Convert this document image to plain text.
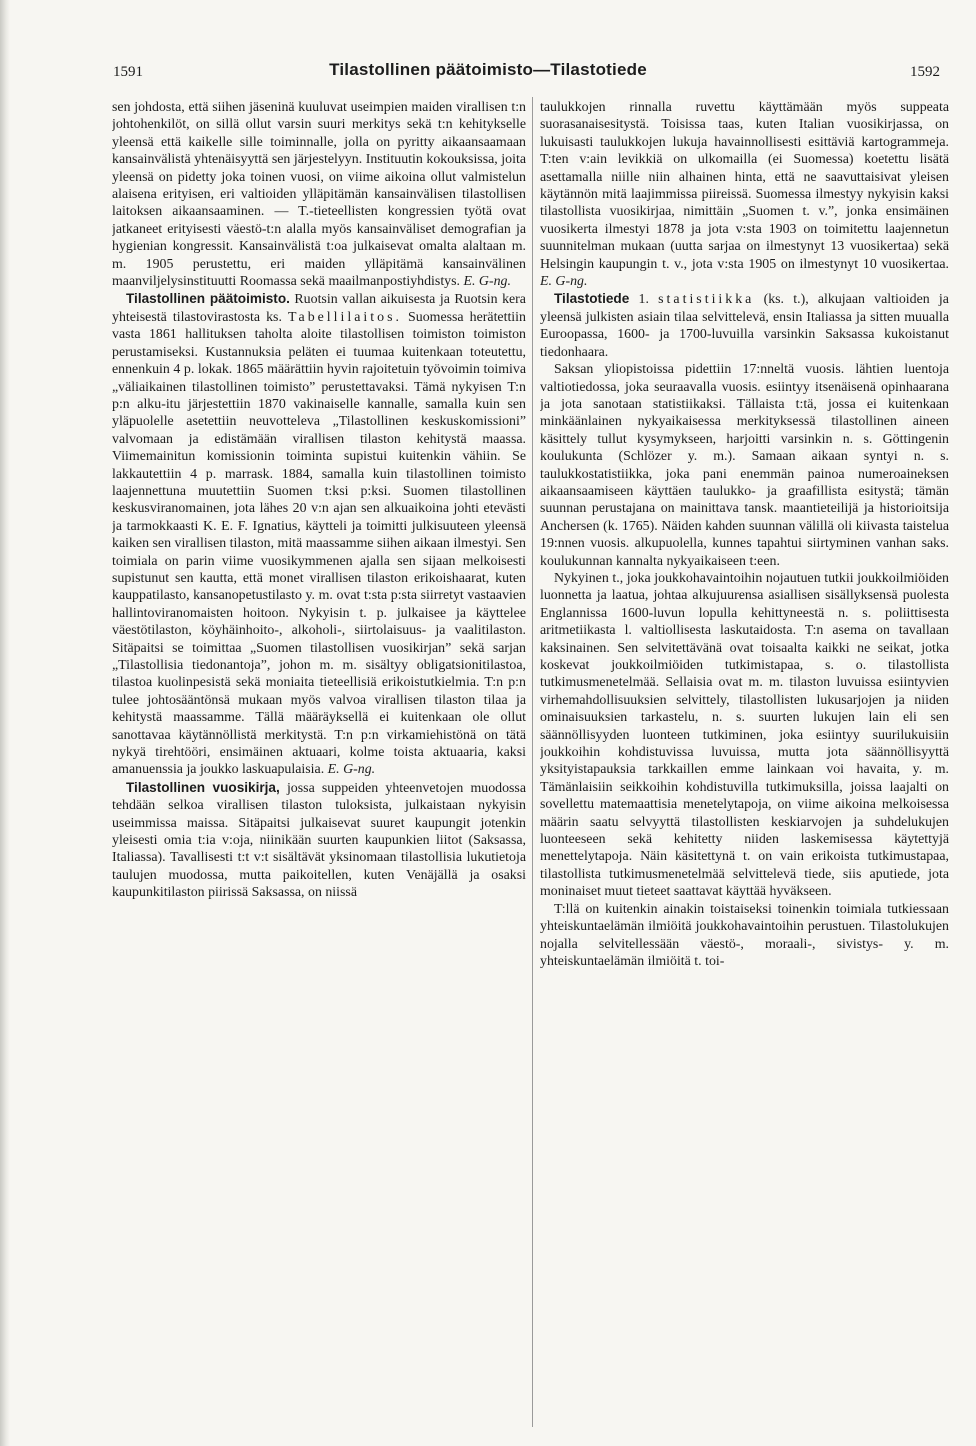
1591	Tilastollinen päätoimisto—Tilastotiede	1592

sen johdosta, että siihen jäseninä kuuluvat useimpien maiden virallisen t:n johtohenkilöt, on sillä ollut varsin suuri merkitys sekä t:n kehitykselle yleensä että kaikelle sille toiminnalle, jolla on pyritty aikaansaamaan kansainvälistä yhtenäisyyttä sen järjestelyyn. Instituutin kokouksissa, joita yleensä on pidetty joka toinen vuosi, on viime aikoina ollut valmistelun alaisena erityisen, eri valtioiden ylläpitämän kansainvälisen tilastollisen laitoksen aikaansaaminen. — T.-tieteellisten kongressien työtä ovat jatkaneet erityisesti väestö-t:n alalla myös kansainväliset demografian ja hygienian kongressit. Kansainvälistä t:oa julkaisevat omalta alaltaan m. m. 1905 perustettu, eri maiden ylläpitämä kansainvälinen maanviljelysinstituutti Roomassa sekä maailmanpostiyhdistys. E. G-ng.

Tilastollinen päätoimisto. Ruotsin vallan aikuisesta ja Ruotsin kera yhteisestä tilastovirastosta ks. Tabellilaitos. Suomessa herätettiin vasta 1861 hallituksen taholta aloite tilastollisen toimiston toimiston perustamiseksi. Kustannuksia peläten ei tuumaa kuitenkaan toteutettu, ennenkuin 4 p. lokak. 1865 määrättiin hyvin rajoitetuin työvoimin toimiva „väliaikainen tilastollinen toimisto” perustettavaksi. Tämä nykyisen T:n p:n alku-itu järjestettiin 1870 vakinaiselle kannalle, samalla kuin sen yläpuolelle asetettiin neuvotteleva „Tilastollinen keskuskomissioni” valvomaan ja edistämään virallisen tilaston kehitystä maassa. Viimemainitun komissionin toiminta supistui kuitenkin vähiin. Se lakkautettiin 4 p. marrask. 1884, samalla kuin tilastollinen toimisto laajennettuna muutettiin Suomen t:ksi p:ksi. Suomen tilastollinen keskusviranomainen, jota lähes 20 v:n ajan sen alkuaikoina johti etevästi ja tarmokkaasti K. E. F. Ignatius, käytteli ja toimitti julkisuuteen yleensä kaiken sen virallisen tilaston, mitä maassamme siihen aikaan ilmestyi. Sen toimiala on parin viime vuosikymmenen ajalla sen sijaan melkoisesti supistunut sen kautta, että monet virallisen tilaston erikoishaarat, kuten kauppatilasto, kansanopetustilasto y. m. ovat t:sta p:sta siirretyt vastaavien hallintoviranomaisten hoitoon. Nykyisin t. p. julkaisee ja käyttelee väestötilaston, köyhäinhoito-, alkoholi-, siirtolaisuus- ja vaalitilaston. Sitäpaitsi se toimittaa „Suomen tilastollisen vuosikirjan” sekä sarjan „Tilastollisia tiedonantoja”, johon m. m. sisältyy obligatsionitilastoa, tilastoa kuolinpesistä sekä moniaita tieteellisiä erikoistutkielmia. T:n p:n tulee johtosääntönsä mukaan myös valvoa virallisen tilaston tilaa ja kehitystä maassamme. Tällä määräyksellä ei kuitenkaan ole ollut sanottavaa käytännöllistä merkitystä. T:n p:n virkamiehistönä on tätä nykyä tirehtööri, ensimäinen aktuaari, kolme toista aktuaaria, kaksi amanuenssia ja joukko laskuapulaisia. E. G-ng.

Tilastollinen vuosikirja, jossa suppeiden yhteenvetojen muodossa tehdään selkoa virallisen tilaston tuloksista, julkaistaan nykyisin useimmissa maissa. Sitäpaitsi julkaisevat suuret kaupungit jotenkin yleisesti omia t:ia v:oja, niinikään suurten kaupunkien liitot (Saksassa, Italiassa). Tavallisesti t:t v:t sisältävät yksinomaan tilastollisia lukutietoja taulujen muodossa, mutta paikoitellen, kuten Venäjällä ja osaksi kaupunkitilaston piirissä Saksassa, on niissä

taulukkojen rinnalla ruvettu käyttämään myös suppeata suorasanaisesitystä. Toisissa taas, kuten Italian vuosikirjassa, on lukuisasti taulukkojen lukuja havainnollisesti esittäviä kartogrammeja. T:ten v:ain levikkiä on ulkomailla (ei Suomessa) koetettu lisätä asettamalla niille niin alhainen hinta, että ne saavuttaisivat yleisen käytännön mitä laajimmissa piireissä. Suomessa ilmestyy nykyisin kaksi tilastollista vuosikirjaa, nimittäin „Suomen t. v.”, jonka ensimäinen vuosikerta ilmestyi 1878 ja jota v:sta 1903 on toimitettu laajennetun suunnitelman mukaan (uutta sarjaa on ilmestynyt 13 vuosikertaa) sekä Helsingin kaupungin t. v., jota v:sta 1905 on ilmestynyt 10 vuosikertaa. E. G-ng.

Tilastotiede 1. statistiikka (ks. t.), alkujaan valtioiden ja yleensä julkisten asiain tilaa selvittelevä, ensin Italiassa ja sitten muualla Euroopassa, 1600- ja 1700-luvuilla varsinkin Saksassa kukoistanut tiedonhaara.

Saksan yliopistoissa pidettiin 17:nneltä vuosis. lähtien luentoja valtiotiedossa, joka seuraavalla vuosis. esiintyy itsenäisenä opinhaarana ja jota sanotaan statistiikaksi. Tällaista t:tä, jossa ei kuitenkaan minkäänlainen nykyaikaisessa merkityksessä tilastollinen aineen käsittely tullut kysymykseen, harjoitti varsinkin n. s. Göttingenin koulukunta (Schlözer y. m.). Samaan aikaan syntyi n. s. taulukkostatistiikka, joka pani enemmän painoa numeroaineksen aikaansaamiseen käyttäen taulukko- ja graafillista esitystä; tämän suunnan perustajana on mainittava tansk. maantieteilijä ja historioitsija Anchersen (k. 1765). Näiden kahden suunnan välillä oli kiivasta taistelua 19:nnen vuosis. alkupuolella, kunnes tapahtui siirtyminen vanhan saks. koulukunnan kannalta nykyaikaiseen t:een.

Nykyinen t., joka joukkohavaintoihin nojautuen tutkii joukkoilmiöiden luonnetta ja laatua, johtaa alkujuurensa asiallisen sisällyksensä puolesta Englannissa 1600-luvun lopulla kehittyneestä n. s. poliittisesta aritmetiikasta l. valtiollisesta laskutaidosta. T:n asema on tavallaan kaksinainen. Sen selvitettävänä ovat toisaalta kaikki ne seikat, jotka koskevat joukkoilmiöiden tutkimistapaa, s. o. tilastollista tutkimusmenetelmää. Sellaisia ovat m. m. tilaston luvuissa esiintyvien virhemahdollisuuksien selvittely, tilastollisten lukusarjojen ja niiden ominaisuuksien tarkastelu, n. s. suurten lukujen lain eli sen säännöllisyyden luonteen tutkiminen, joka esiintyy suurilukuisiin joukkoihin kohdistuvissa luvuissa, mutta jota säännöllisyyttä yksityistapauksia tarkkaillen emme lainkaan voi havaita, y. m. Tämänlaisiin seikkoihin kohdistuvilla tutkimuksilla, joissa laajalti on sovellettu matemaattisia menetelytapoja, on viime aikoina melkoisessa määrin saatu selvyyttä tilastollisten keskiarvojen ja suhdelukujen luonteeseen sekä kehitetty niiden laskemisessa käytettyjä menettelytapoja. Näin käsitettynä t. on vain erikoista tutkimustapaa, tilastollista tutkimusmenetelmää selvittelevä tiede, siis aputiede, jota moninaiset muut tieteet saattavat käyttää hyväkseen.

T:llä on kuitenkin ainakin toistaiseksi toinenkin toimiala tutkiessaan yhteiskuntaelämän ilmiöitä joukkohavaintoihin perustuen. Tilastolukujen nojalla selvitellessään väestö-, moraali-, sivistys- y. m. yhteiskuntaelämän ilmiöitä t. toi-
